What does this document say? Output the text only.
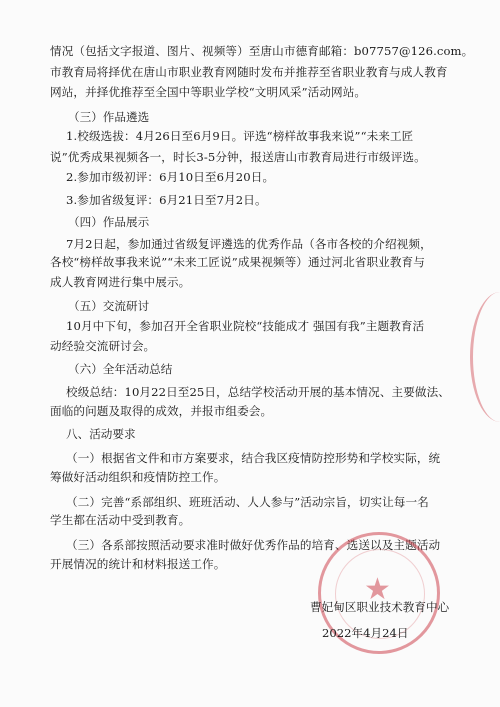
情况（包括文字报道、图片、视频等）至唐山市德育邮箱：b07757@126.com。
市教育局将择优在唐山市职业教育网随时发布并推荐至省职业教育与成人教育
网站，并择优推荐至全国中等职业学校“文明风采”活动网站。
（三）作品遴选
1.校级选拔：4月26日至6月9日。评选“榜样故事我来说”“未来工匠
说”优秀成果视频各一，时长3-5分钟，报送唐山市教育局进行市级评选。
2.参加市级初评：6月10日至6月20日。
3.参加省级复评：6月21日至7月2日。
（四）作品展示
7月2日起，参加通过省级复评遴选的优秀作品（各市各校的介绍视频，
各校“榜样故事我来说”“未来工匠说”成果视频等）通过河北省职业教育与
成人教育网进行集中展示。
（五）交流研讨
10月中下旬，参加召开全省职业院校“技能成才 强国有我”主题教育活
动经验交流研讨会。
（六）全年活动总结
校级总结：10月22日至25日，总结学校活动开展的基本情况、主要做法、
面临的问题及取得的成效，并报市组委会。
八、活动要求
（一）根据省文件和市方案要求，结合我区疫情防控形势和学校实际，统
筹做好活动组织和疫情防控工作。
（二）完善“系部组织、班班活动、人人参与”活动宗旨，切实让每一名
学生都在活动中受到教育。
（三）各系部按照活动要求准时做好优秀作品的培育、选送以及主题活动
开展情况的统计和材料报送工作。
★
曹妃甸区职业技术教育中心
2022年4月24日
